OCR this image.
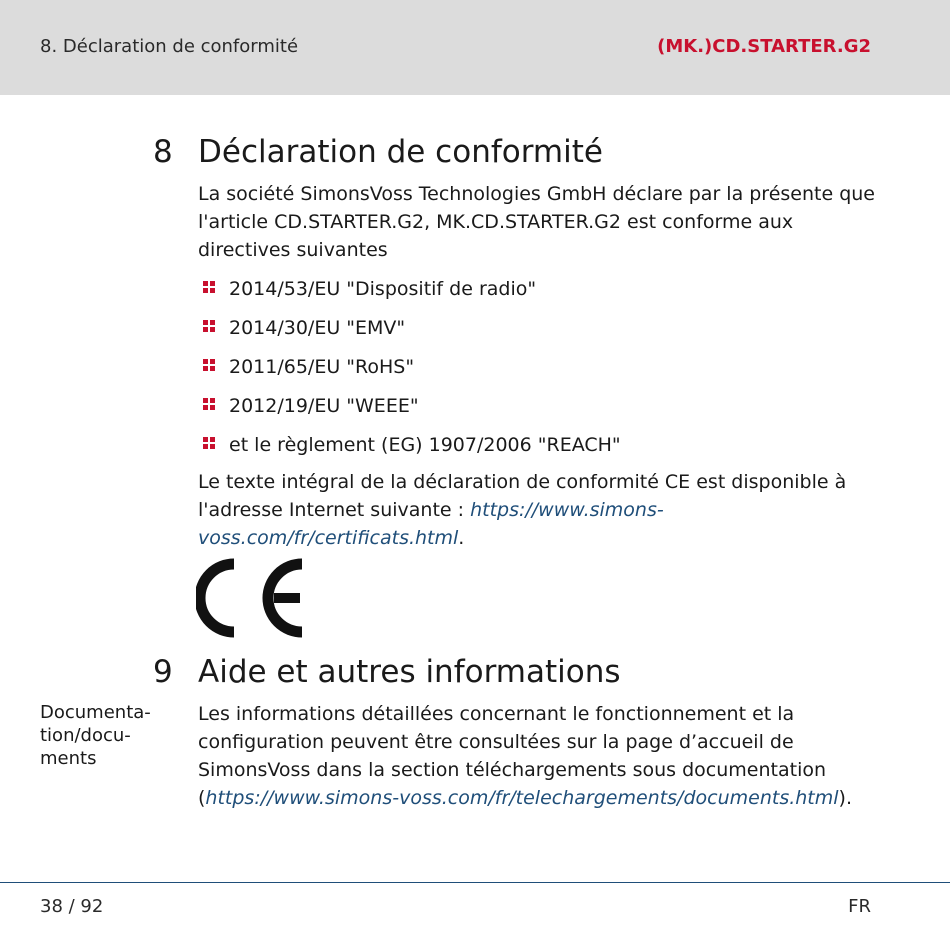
8. Déclaration de conformité	(MK.)CD.STARTER.G2
8 Déclaration de conformité
La société SimonsVoss Technologies GmbH déclare par la présente que l'article CD.STARTER.G2, MK.CD.STARTER.G2 est conforme aux directives suivantes
2014/53/EU "Dispositif de radio"
2014/30/EU "EMV"
2011/65/EU "RoHS"
2012/19/EU "WEEE"
et le règlement (EG) 1907/2006 "REACH"
Le texte intégral de la déclaration de conformité CE est disponible à l'adresse Internet suivante : https://www.simons-voss.com/fr/certificats.html.
9 Aide et autres informations
Documenta-tion/docu-ments
Les informations détaillées concernant le fonctionnement et la configuration peuvent être consultées sur la page d’accueil de SimonsVoss dans la section téléchargements sous documentation (https://www.simons-voss.com/fr/telechargements/documents.html).
38 / 92	FR
